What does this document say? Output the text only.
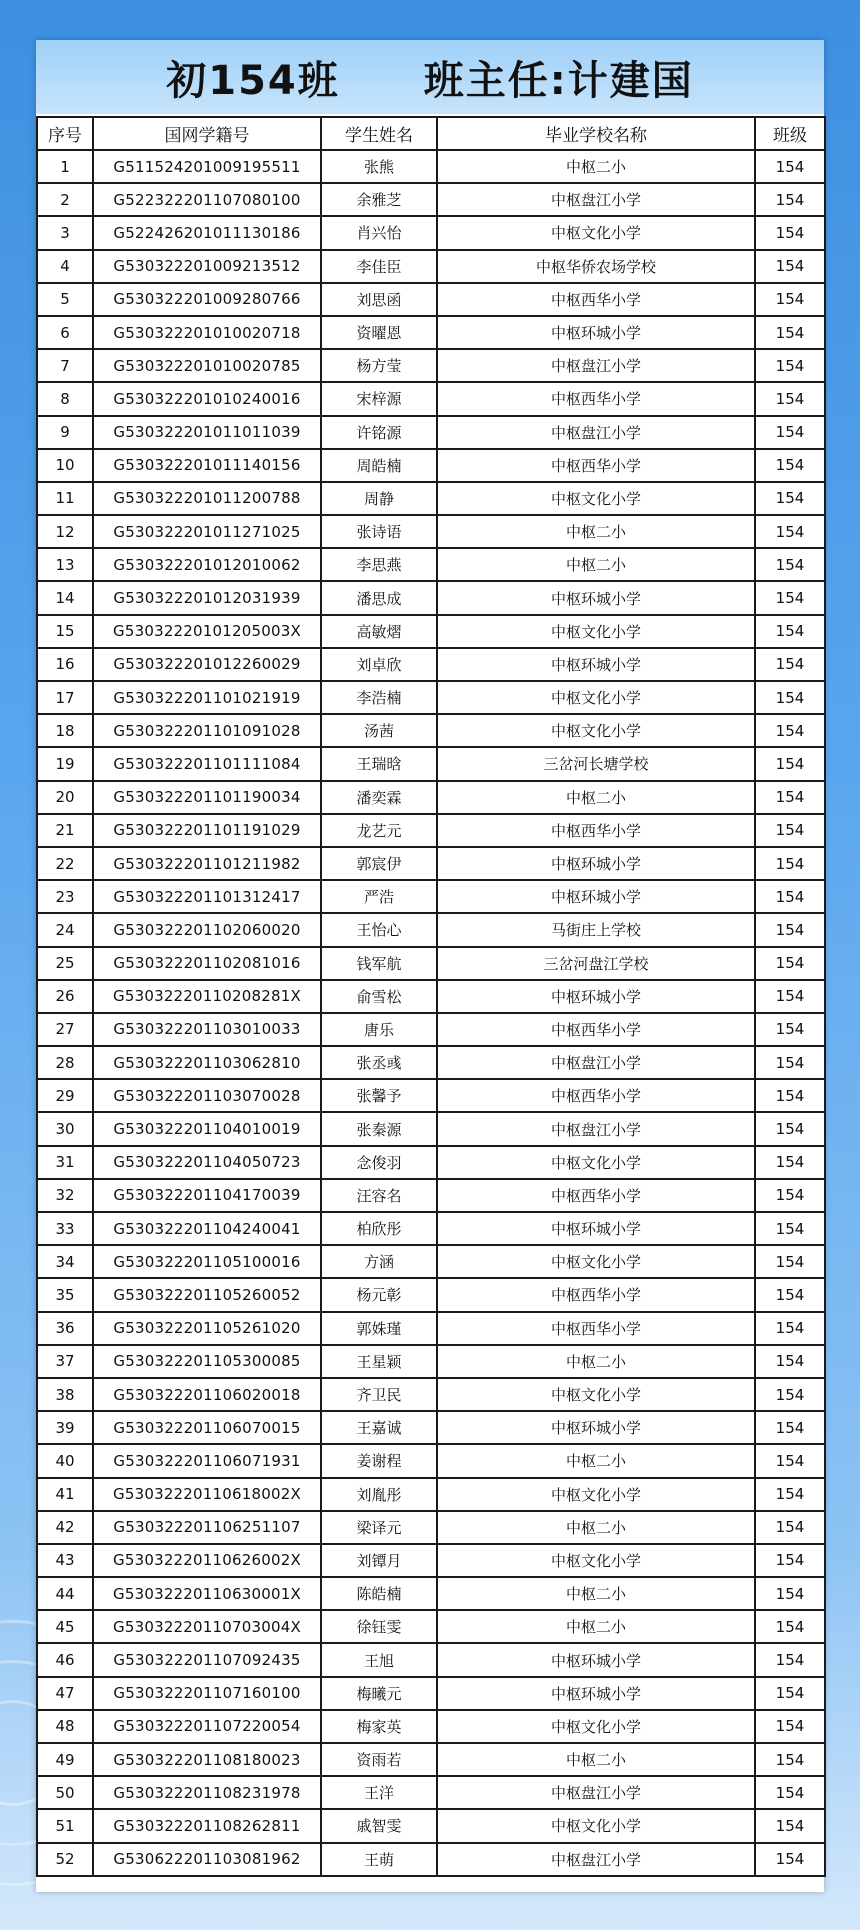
初154班　　班主任:计建国
序号	国网学籍号	学生姓名	毕业学校名称	班级
1	G511524201009195511	张熊	中枢二小	154
2	G522322201107080100	余雅芝	中枢盘江小学	154
3	G522426201011130186	肖兴怡	中枢文化小学	154
4	G530322201009213512	李佳臣	中枢华侨农场学校	154
5	G530322201009280766	刘思函	中枢西华小学	154
6	G530322201010020718	资曜恩	中枢环城小学	154
7	G530322201010020785	杨方莹	中枢盘江小学	154
8	G530322201010240016	宋梓源	中枢西华小学	154
9	G530322201011011039	许铭源	中枢盘江小学	154
10	G530322201011140156	周皓楠	中枢西华小学	154
11	G530322201011200788	周静	中枢文化小学	154
12	G530322201011271025	张诗语	中枢二小	154
13	G530322201012010062	李思燕	中枢二小	154
14	G530322201012031939	潘思成	中枢环城小学	154
15	G53032220101205003X	高敏熠	中枢文化小学	154
16	G530322201012260029	刘卓欣	中枢环城小学	154
17	G530322201101021919	李浩楠	中枢文化小学	154
18	G530322201101091028	汤茜	中枢文化小学	154
19	G530322201101111084	王瑞晗	三岔河长塘学校	154
20	G530322201101190034	潘奕霖	中枢二小	154
21	G530322201101191029	龙艺元	中枢西华小学	154
22	G530322201101211982	郭宸伊	中枢环城小学	154
23	G530322201101312417	严浩	中枢环城小学	154
24	G530322201102060020	王怡心	马街庄上学校	154
25	G530322201102081016	钱军航	三岔河盘江学校	154
26	G53032220110208281X	俞雪松	中枢环城小学	154
27	G530322201103010033	唐乐	中枢西华小学	154
28	G530322201103062810	张丞彧	中枢盘江小学	154
29	G530322201103070028	张馨予	中枢西华小学	154
30	G530322201104010019	张秦源	中枢盘江小学	154
31	G530322201104050723	念俊羽	中枢文化小学	154
32	G530322201104170039	汪容名	中枢西华小学	154
33	G530322201104240041	柏欣彤	中枢环城小学	154
34	G530322201105100016	方涵	中枢文化小学	154
35	G530322201105260052	杨元彰	中枢西华小学	154
36	G530322201105261020	郭姝瑾	中枢西华小学	154
37	G530322201105300085	王星颖	中枢二小	154
38	G530322201106020018	齐卫民	中枢文化小学	154
39	G530322201106070015	王嘉诚	中枢环城小学	154
40	G530322201106071931	姜谢程	中枢二小	154
41	G53032220110618002X	刘胤彤	中枢文化小学	154
42	G530322201106251107	梁译元	中枢二小	154
43	G53032220110626002X	刘镡月	中枢文化小学	154
44	G53032220110630001X	陈皓楠	中枢二小	154
45	G53032220110703004X	徐钰雯	中枢二小	154
46	G530322201107092435	王旭	中枢环城小学	154
47	G530322201107160100	梅曦元	中枢环城小学	154
48	G530322201107220054	梅家英	中枢文化小学	154
49	G530322201108180023	资雨若	中枢二小	154
50	G530322201108231978	王洋	中枢盘江小学	154
51	G530322201108262811	戚智雯	中枢文化小学	154
52	G530622201103081962	王萌	中枢盘江小学	154
